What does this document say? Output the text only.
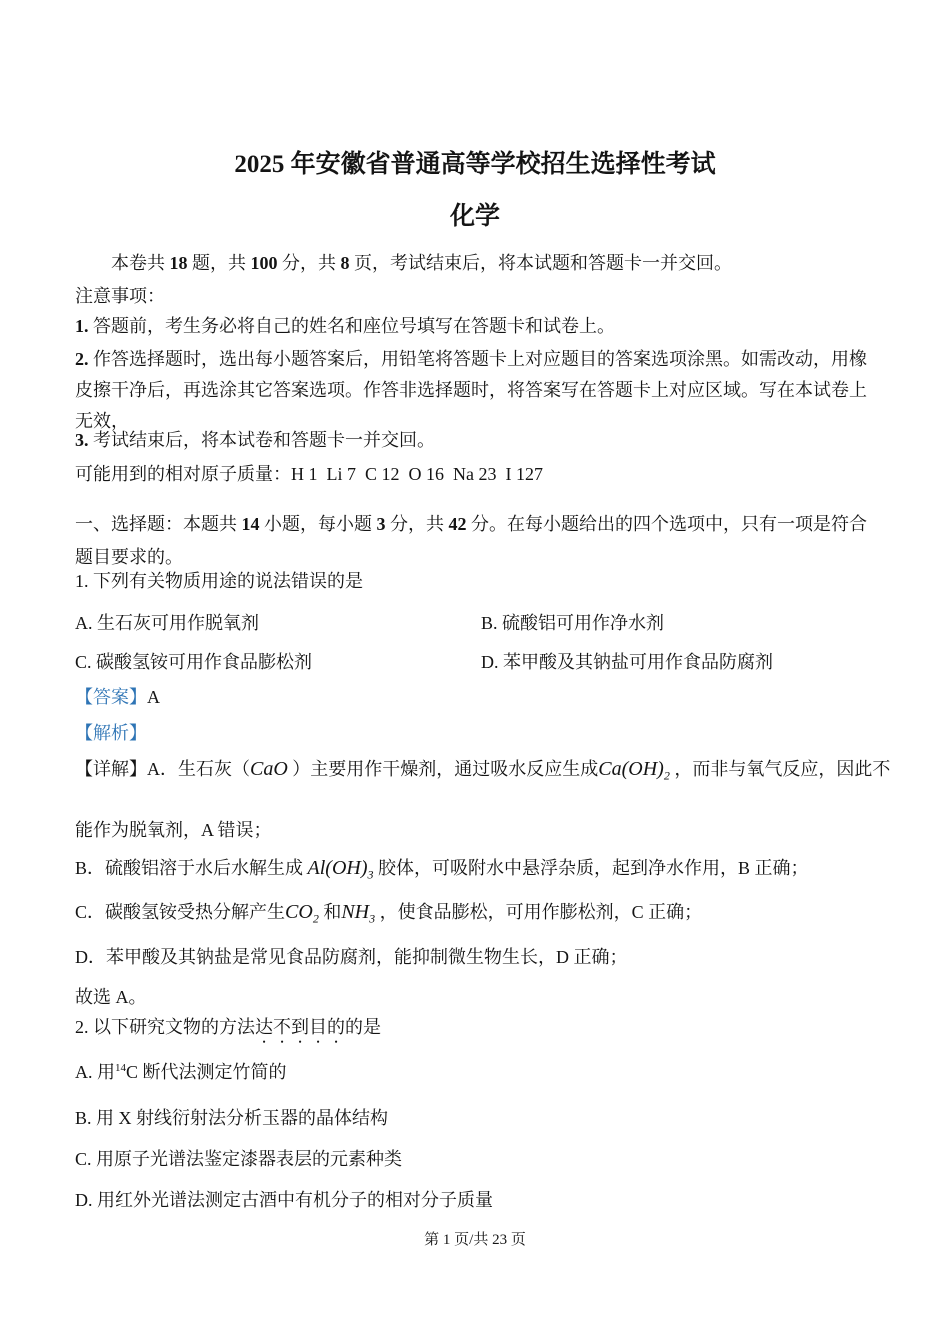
2025 年安徽省普通高等学校招生选择性考试
化学
本卷共 18 题，共 100 分，共 8 页，考试结束后，将本试题和答题卡一并交回。
注意事项：
1. 答题前，考生务必将自己的姓名和座位号填写在答题卡和试卷上。
2. 作答选择题时，选出每小题答案后，用铅笔将答题卡上对应题目的答案选项涂黑。如需改动，用橡皮擦干净后，再选涂其它答案选项。作答非选择题时，将答案写在答题卡上对应区域。写在本试卷上无效，
3. 考试结束后，将本试卷和答题卡一并交回。
可能用到的相对原子质量：H 1  Li 7  C 12  O 16  Na 23  I 127
一、选择题：本题共 14 小题，每小题 3 分，共 42 分。在每小题给出的四个选项中，只有一项是符合题目要求的。
1. 下列有关物质用途的说法错误的是
A. 生石灰可用作脱氧剂	B. 硫酸铝可用作净水剂
C. 碳酸氢铵可用作食品膨松剂	D. 苯甲酸及其钠盐可用作食品防腐剂
【答案】A
【解析】
【详解】A．生石灰（CaO ）主要用作干燥剂，通过吸水反应生成$Ca(OH)_2$ ，而非与氧气反应，因此不
能作为脱氧剂，A 错误；
B．硫酸铝溶于水后水解生成 $Al(OH)_3$ 胶体，可吸附水中悬浮杂质，起到净水作用，B 正确；
C．碳酸氢铵受热分解产生$CO_2$ 和$NH_3$ ，使食品膨松，可用作膨松剂，C 正确；
D．苯甲酸及其钠盐是常见食品防腐剂，能抑制微生物生长，D 正确；
故选 A。
2. 以下研究文物的方法达不到目的的是
A. 用$^{14}$C 断代法测定竹简的
B. 用 X 射线衍射法分析玉器的晶体结构
C. 用原子光谱法鉴定漆器表层的元素种类
D. 用红外光谱法测定古酒中有机分子的相对分子质量
第 1 页/共 23 页
